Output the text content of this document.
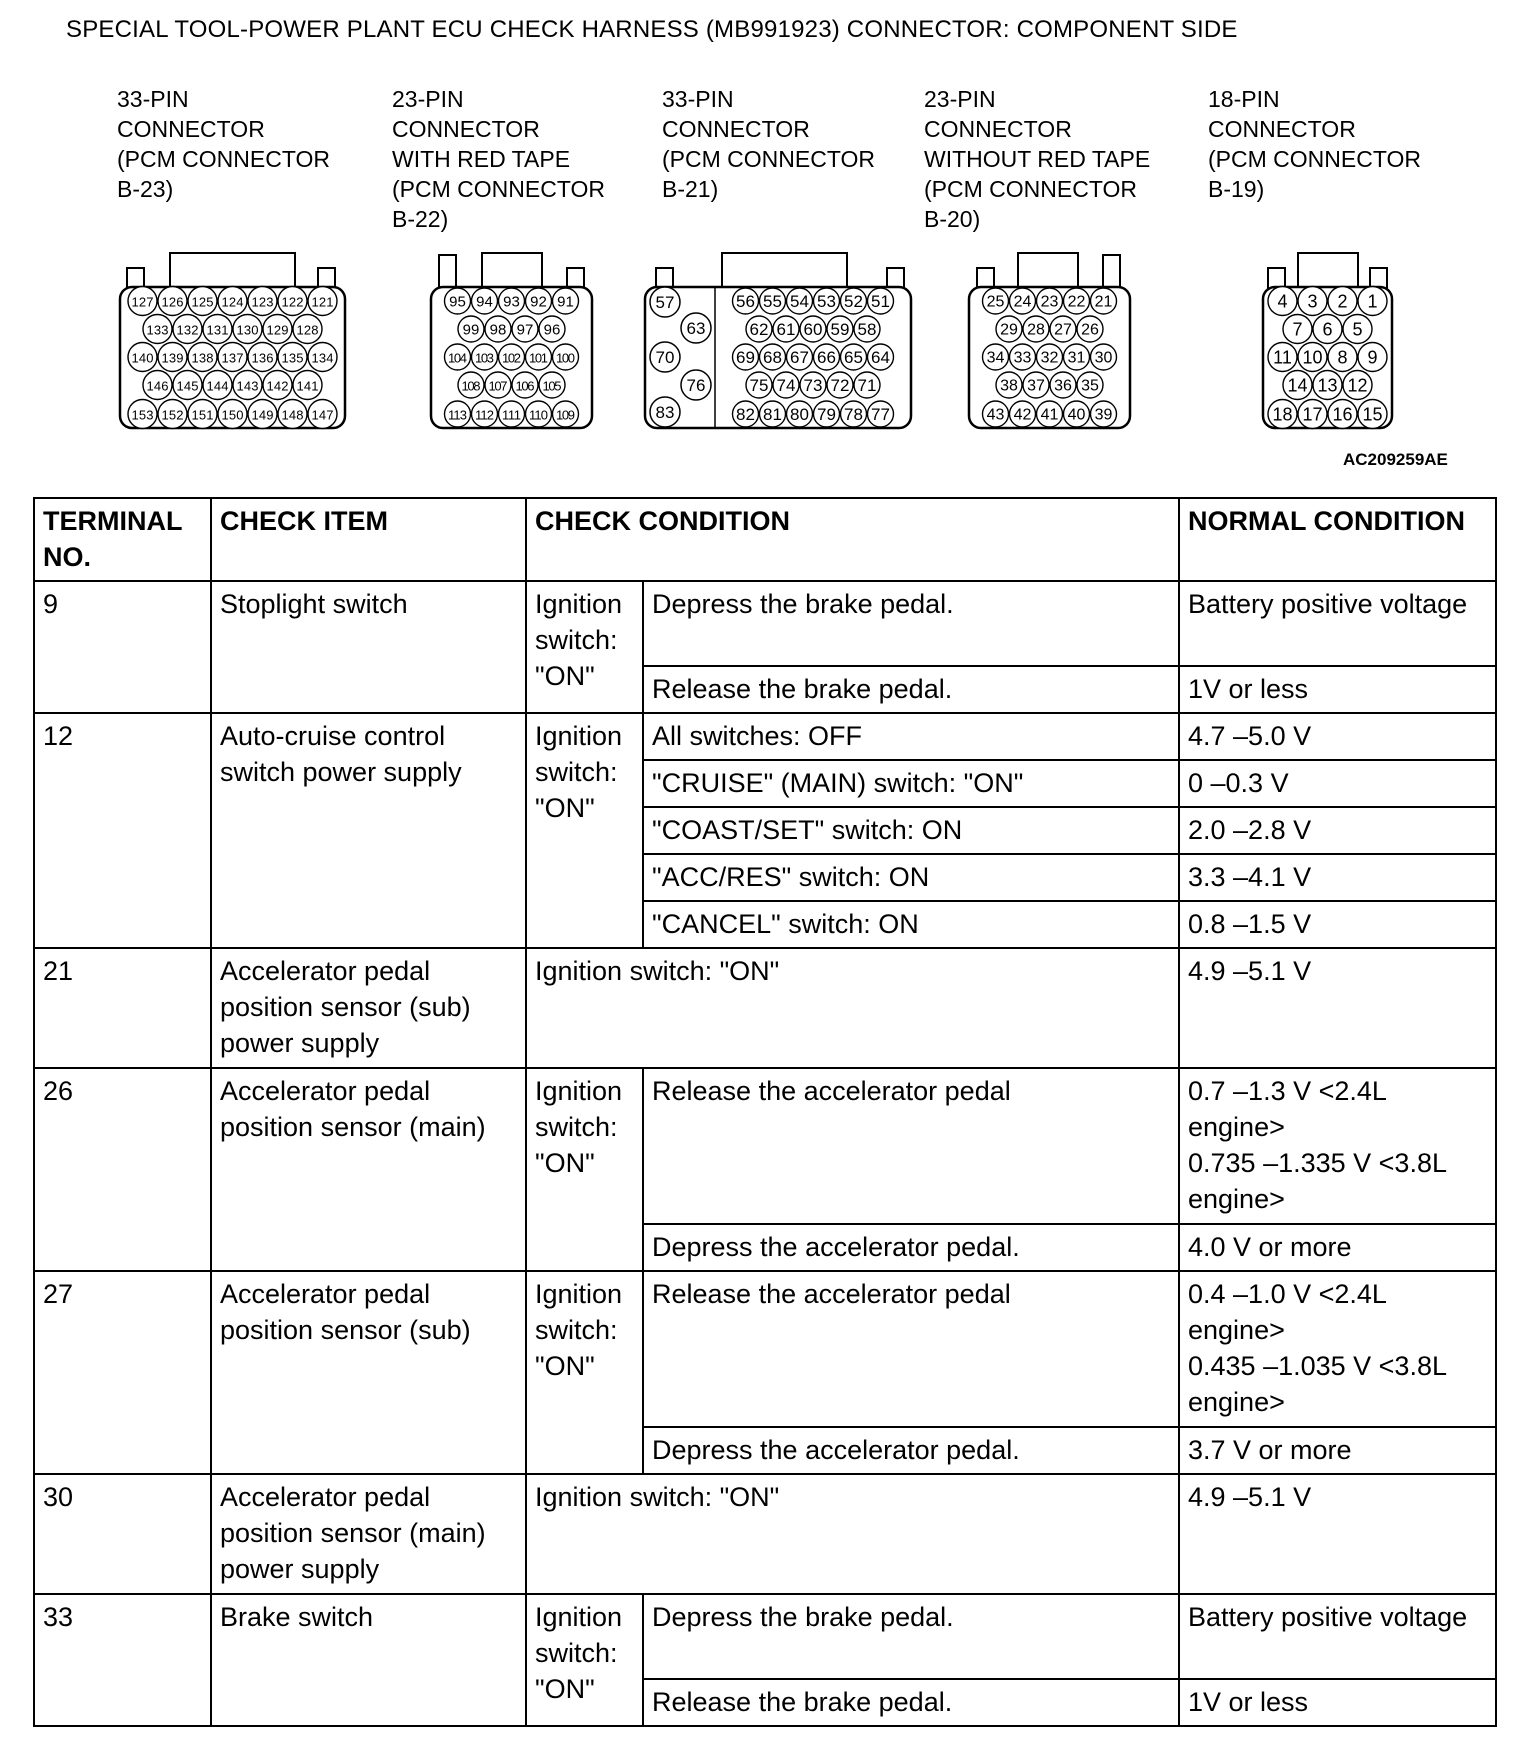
SPECIAL TOOL-POWER PLANT ECU CHECK HARNESS (MB991923) CONNECTOR: COMPONENT SIDE
127 126 125 124 123 122 121
133 132 131 130 129 128
140 139 138 137 136 135 134
146 145 144 143 142 141
153 152 151 150 149 148 147
95 94 93 92 91
99 98 97 96
104 103 102 101 100
108 107 106 105
113 112 111 110 109
57
63
70
76
83
56 55 54 53 52 51
62 61 60 59 58
69 68 67 66 65 64
75 74 73 72 71
82 81 80 79 78 77
25 24 23 22 21
29 28 27 26
34 33 32 31 30
38 37 36 35
43 42 41 40 39
4 3 2 1
7 6 5
11 10 8 9
14 13 12
18 17 16 15
AC209259AE
TERMINAL NO.	CHECK ITEM	CHECK CONDITION		NORMAL CONDITION
9	Stoplight switch	Ignition switch: "ON"	Depress the brake pedal.	Battery positive voltage
			Release the brake pedal.	1V or less
12	Auto-cruise control switch power supply	Ignition switch: "ON"	All switches: OFF	4.7 –5.0 V
			"CRUISE" (MAIN) switch: "ON"	0 –0.3 V
			"COAST/SET" switch: ON	2.0 –2.8 V
			"ACC/RES" switch: ON	3.3 –4.1 V
			"CANCEL" switch: ON	0.8 –1.5 V
21	Accelerator pedal position sensor (sub) power supply	Ignition switch: "ON"		4.9 –5.1 V
26	Accelerator pedal position sensor (main)	Ignition switch: "ON"	Release the accelerator pedal	0.7 –1.3 V <2.4L engine>
0.735 –1.335 V <3.8L engine>

			Depress the accelerator pedal.	4.0 V or more
27	Accelerator pedal position sensor (sub)	Ignition switch: "ON"	Release the accelerator pedal	0.4 –1.0 V <2.4L engine>
0.435 –1.035 V <3.8L engine>

			Depress the accelerator pedal.	3.7 V or more
30	Accelerator pedal position sensor (main) power supply	Ignition switch: "ON"		4.9 –5.1 V
33	Brake switch	Ignition switch: "ON"	Depress the brake pedal.	Battery positive voltage
			Release the brake pedal.	1V or less
33-PIN
CONNECTOR
(PCM CONNECTOR
B-23)
23-PIN
CONNECTOR
WITH RED TAPE
(PCM CONNECTOR
B-22)
33-PIN
CONNECTOR
(PCM CONNECTOR
B-21)
23-PIN
CONNECTOR
WITHOUT RED TAPE
(PCM CONNECTOR
B-20)
18-PIN
CONNECTOR
(PCM CONNECTOR
B-19)
